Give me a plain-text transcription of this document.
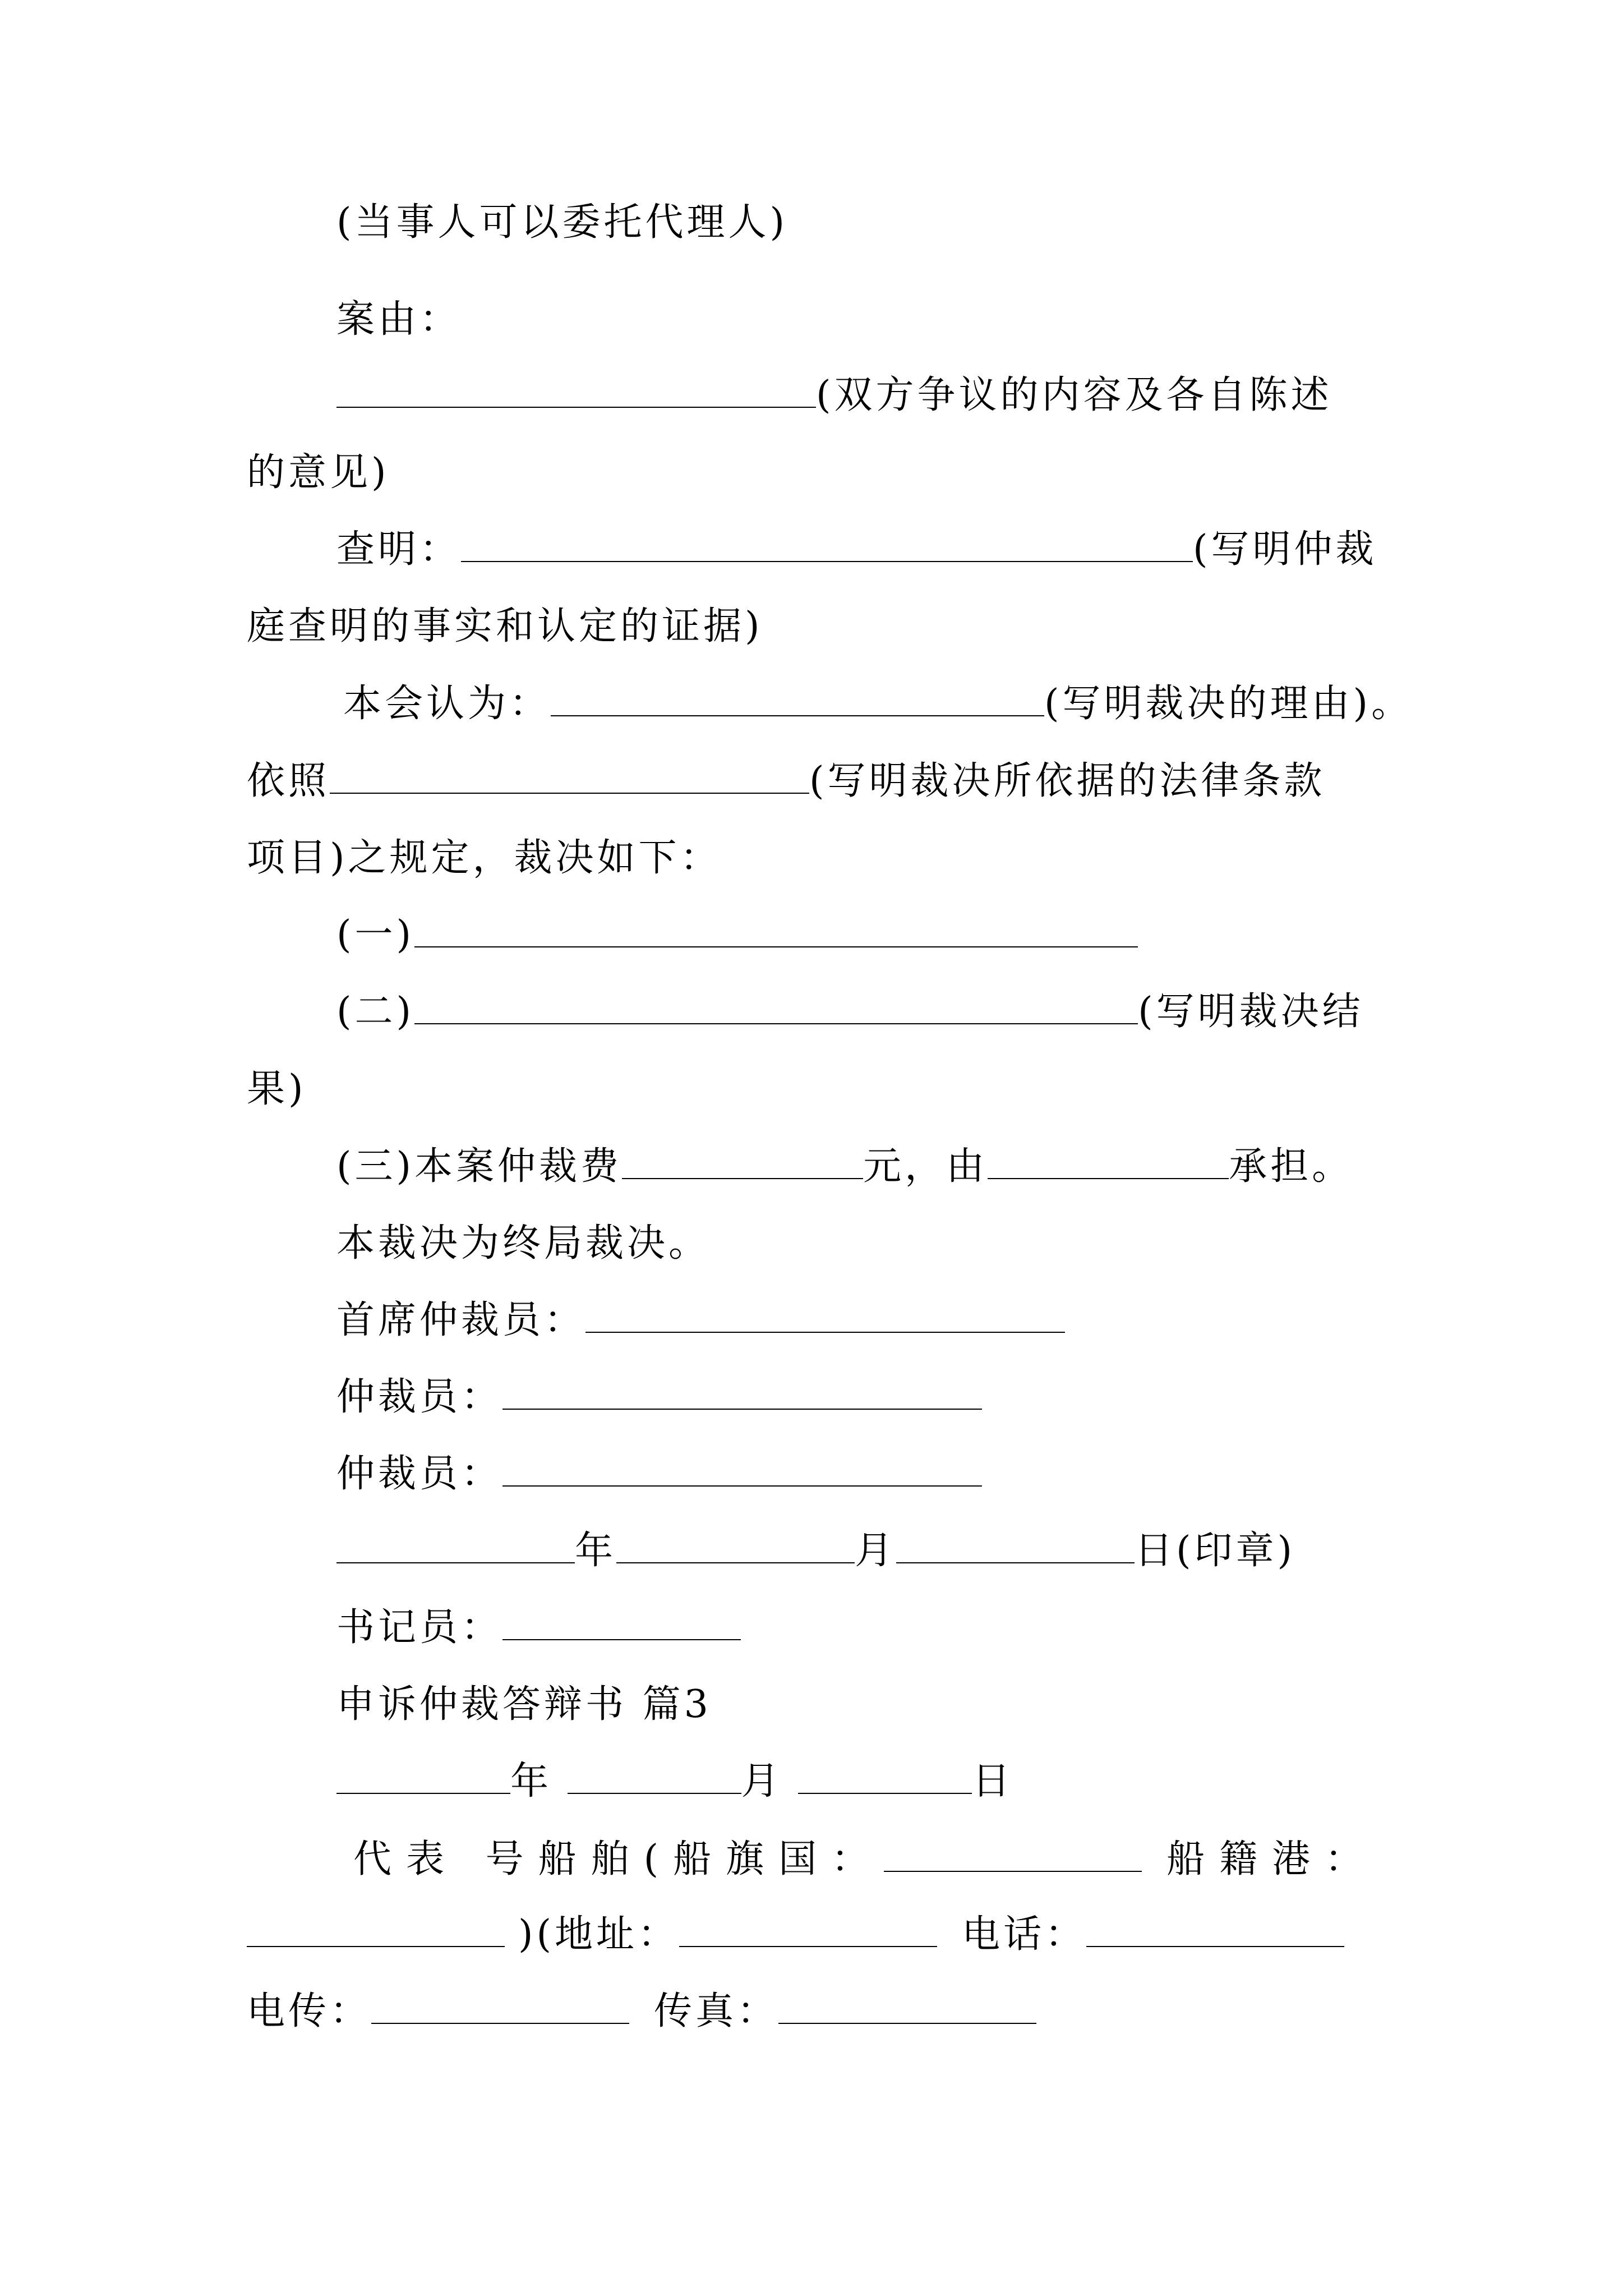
(当事人可以委托代理人)
案由：
(双方争议的内容及各自陈述
的意见)
查明：	(写明仲裁
庭查明的事实和认定的证据)
本会认为：	(写明裁决的理由)。
依照	(写明裁决所依据的法律条款
项目)之规定，裁决如下：
(一)
(二)	(写明裁决结
果)
(三)本案仲裁费	元，由	承担。
本裁决为终局裁决。
首席仲裁员：
仲裁员：
仲裁员：
年	月	日(印章)
书记员：
申诉仲裁答辩书 篇3
年	月	日
代表 号船舶(船旗国：	船籍港：
)(地址：	电话：
电传：	传真：
